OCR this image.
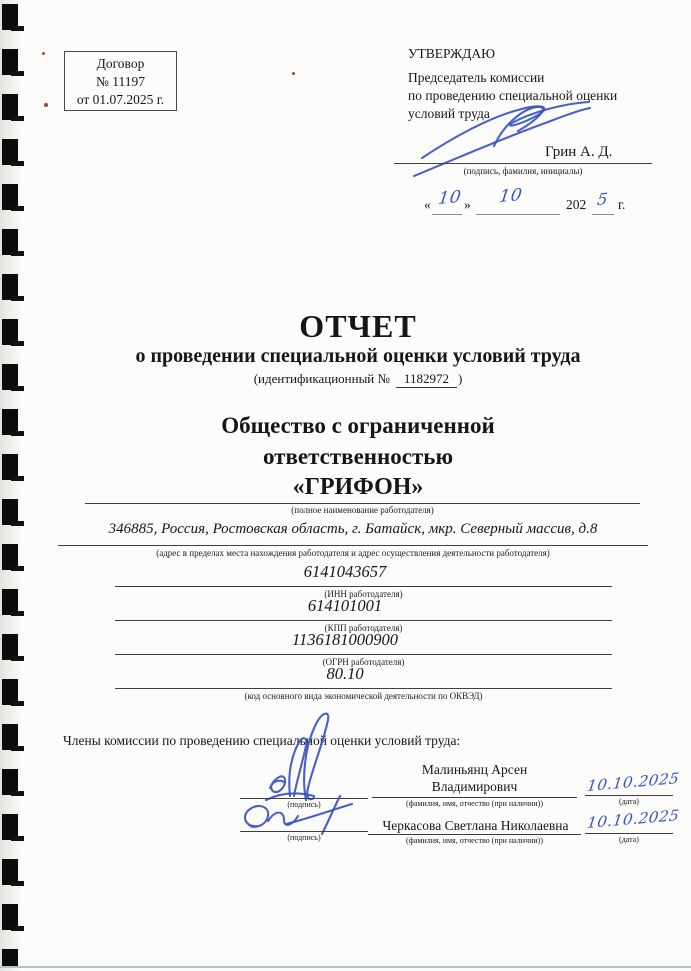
Договор
№ 11197
от 01.07.2025 г.
УТВЕРЖДАЮ
Председатель комиссии
по проведению специальной оценки
условий труда
Грин А. Д.
(подпись, фамилия, инициалы)
« 10 » 10	202 5 г.
ОТЧЕТ
о проведении специальной оценки условий труда
(идентификационный №	1182972 )
Общество с ограниченной
ответственностью
«ГРИФОН»
(полное наименование работодателя)
346885, Россия, Ростовская область, г. Батайск, мкр. Северный массив, д.8
(адрес в пределах места нахождения работодателя и адрес осуществления деятельности работодателя)
6141043657
(ИНН работодателя)
614101001
(КПП работодателя)
1136181000900
(ОГРН работодателя)
80.10
(код основного вида экономической деятельности по ОКВЭД)
Члены комиссии по проведению специальной оценки условий труда:
(подпись)
Малиньянц Арсен Владимирович
(фамилия, имя, отчество (при наличии))
10.10.2025
(дата)
(подпись)
Черкасова Светлана Николаевна
(фамилия, имя, отчество (при наличии))
10.10.2025
(дата)
